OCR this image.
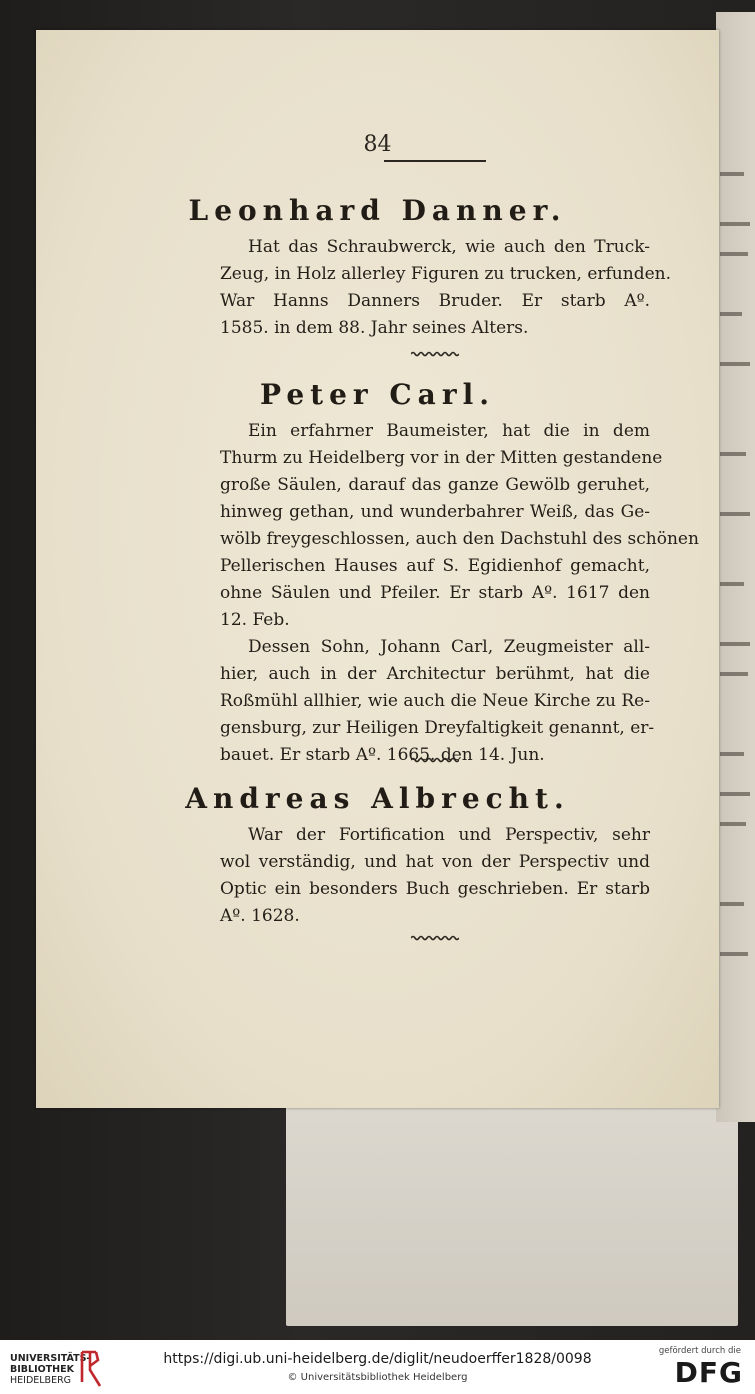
84
Leonhard Danner.
Hat das Schraubwerck, wie auch den Truck-
Zeug, in Holz allerley Figuren zu trucken, erfunden.
War Hanns Danners Bruder. Er starb Aº.
1585. in dem 88. Jahr seines Alters.
Peter Carl.
Ein erfahrner Baumeister, hat die in dem
Thurm zu Heidelberg vor in der Mitten gestandene
große Säulen, darauf das ganze Gewölb geruhet,
hinweg gethan, und wunderbahrer Weiß, das Ge-
wölb freygeschlossen, auch den Dachstuhl des schönen
Pellerischen Hauses auf S. Egidienhof gemacht,
ohne Säulen und Pfeiler. Er starb Aº. 1617 den
12. Feb.
Dessen Sohn, Johann Carl, Zeugmeister all-
hier, auch in der Architectur berühmt, hat die
Roßmühl allhier, wie auch die Neue Kirche zu Re-
gensburg, zur Heiligen Dreyfaltigkeit genannt, er-
bauet. Er starb Aº. 1665. den 14. Jun.
Andreas Albrecht.
War der Fortification und Perspectiv, sehr
wol verständig, und hat von der Perspectiv und
Optic ein besonders Buch geschrieben. Er starb
Aº. 1628.
UNIVERSITÄTS-
BIBLIOTHEK
HEIDELBERG
https://digi.ub.uni-heidelberg.de/diglit/neudoerffer1828/0098
© Universitätsbibliothek Heidelberg
gefördert durch die
DFG
